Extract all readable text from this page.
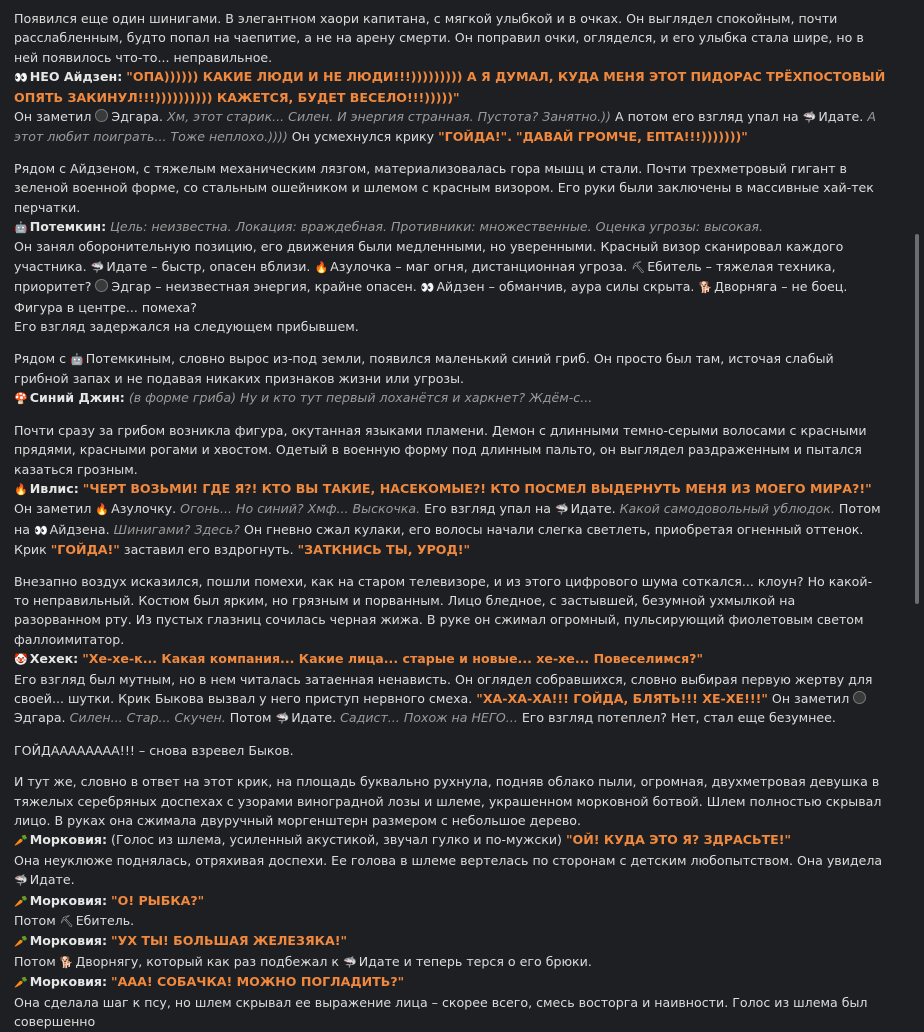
Появился еще один шинигами. В элегантном хаори капитана, с мягкой улыбкой и в очках. Он выглядел спокойным, почти расслабленным, будто попал на чаепитие, а не на арену смерти. Он поправил очки, огляделся, и его улыбка стала шире, но в ней появилось что-то... неправильное.
👀 НЕО Айдзен: "ОПА)))))) КАКИЕ ЛЮДИ И НЕ ЛЮДИ!!!))))))))) А Я ДУМАЛ, КУДА МЕНЯ ЭТОТ ПИДОРАС ТРЁХПОСТОВЫЙ ОПЯТЬ ЗАКИНУЛ!!!)))))))))) КАЖЕТСЯ, БУДЕТ ВЕСЕЛО!!!)))))"
Он заметил Эдгара. Хм, этот старик... Силен. И энергия странная. Пустота? Занятно.)) А потом его взгляд упал на 🦈 Идате. А этот любит поиграть... Тоже неплохо.)))) Он усмехнулся крику "ГОЙДА!". "ДАВАЙ ГРОМЧЕ, ЕПТА!!!)))))))"
Рядом с Айдзеном, с тяжелым механическим лязгом, материализовалась гора мышц и стали. Почти трехметровый гигант в зеленой военной форме, со стальным ошейником и шлемом с красным визором. Его руки были заключены в массивные хай-тек перчатки.
🤖 Потемкин: Цель: неизвестна. Локация: враждебная. Противники: множественные. Оценка угрозы: высокая.
Он занял оборонительную позицию, его движения были медленными, но уверенными. Красный визор сканировал каждого участника. 🦈 Идате – быстр, опасен вблизи. 🔥 Азулочка – маг огня, дистанционная угроза. ⛏ Ебитель – тяжелая техника, приоритет? Эдгар – неизвестная энергия, крайне опасен. 👀 Айдзен – обманчив, аура силы скрыта. 🐕 Дворняга – не боец. Фигура в центре... помеха?
Его взгляд задержался на следующем прибывшем.
Рядом с 🤖 Потемкиным, словно вырос из-под земли, появился маленький синий гриб. Он просто был там, источая слабый грибной запах и не подавая никаких признаков жизни или угрозы.
🍄 Синий Джин: (в форме гриба) Ну и кто тут первый лоханётся и харкнет? Ждём-с...
Почти сразу за грибом возникла фигура, окутанная языками пламени. Демон с длинными темно-серыми волосами с красными прядями, красными рогами и хвостом. Одетый в военную форму под длинным пальто, он выглядел раздраженным и пытался казаться грозным.
🔥 Ивлис: "ЧЕРТ ВОЗЬМИ! ГДЕ Я?! КТО ВЫ ТАКИЕ, НАСЕКОМЫЕ?! КТО ПОСМЕЛ ВЫДЕРНУТЬ МЕНЯ ИЗ МОЕГО МИРА?!"
Он заметил 🔥 Азулочку. Огонь... Но синий? Хмф... Выскочка. Его взгляд упал на 🦈 Идате. Какой самодовольный ублюдок. Потом на 👀 Айдзена. Шинигами? Здесь? Он гневно сжал кулаки, его волосы начали слегка светлеть, приобретая огненный оттенок. Крик "ГОЙДА!" заставил его вздрогнуть. "ЗАТКНИСЬ ТЫ, УРОД!"
Внезапно воздух исказился, пошли помехи, как на старом телевизоре, и из этого цифрового шума соткался... клоун? Но какой-то неправильный. Костюм был ярким, но грязным и порванным. Лицо бледное, с застывшей, безумной ухмылкой на разорванном рту. Из пустых глазниц сочилась черная жижа. В руке он сжимал огромный, пульсирующий фиолетовым светом фаллоимитатор.
🤡 Хехек: "Хе-хе-к... Какая компания... Какие лица... старые и новые... хе-хе... Повеселимся?"
Его взгляд был мутным, но в нем читалась затаенная ненависть. Он оглядел собравшихся, словно выбирая первую жертву для своей... шутки. Крик Быкова вызвал у него приступ нервного смеха. "ХА-ХА-ХА!!! ГОЙДА, БЛЯТЬ!!! ХЕ-ХЕ!!!" Он заметил Эдгара. Силен... Стар... Скучен. Потом 🦈 Идате. Садист... Похож на НЕГО... Его взгляд потеплел? Нет, стал еще безумнее.
ГОЙДАААААААА!!! – снова взревел Быков.
И тут же, словно в ответ на этот крик, на площадь буквально рухнула, подняв облако пыли, огромная, двухметровая девушка в тяжелых серебряных доспехах с узорами виноградной лозы и шлеме, украшенном морковной ботвой. Шлем полностью скрывал лицо. В руках она сжимала двуручный моргенштерн размером с небольшое дерево.
🥕 Морковия: (Голос из шлема, усиленный акустикой, звучал гулко и по-мужски) "ОЙ! КУДА ЭТО Я? ЗДРАСЬТЕ!"
Она неуклюже поднялась, отряхивая доспехи. Ее голова в шлеме вертелась по сторонам с детским любопытством. Она увидела 🦈 Идате.
🥕 Морковия: "О! РЫБКА?"
Потом ⛏ Ебитель.
🥕 Морковия: "УХ ТЫ! БОЛЬШАЯ ЖЕЛЕЗЯКА!"
Потом 🐕 Дворнягу, который как раз подбежал к 🦈 Идате и теперь терся о его брюки.
🥕 Морковия: "ААА! СОБАЧКА! МОЖНО ПОГЛАДИТЬ?"
Она сделала шаг к псу, но шлем скрывал ее выражение лица – скорее всего, смесь восторга и наивности. Голос из шлема был совершенно
